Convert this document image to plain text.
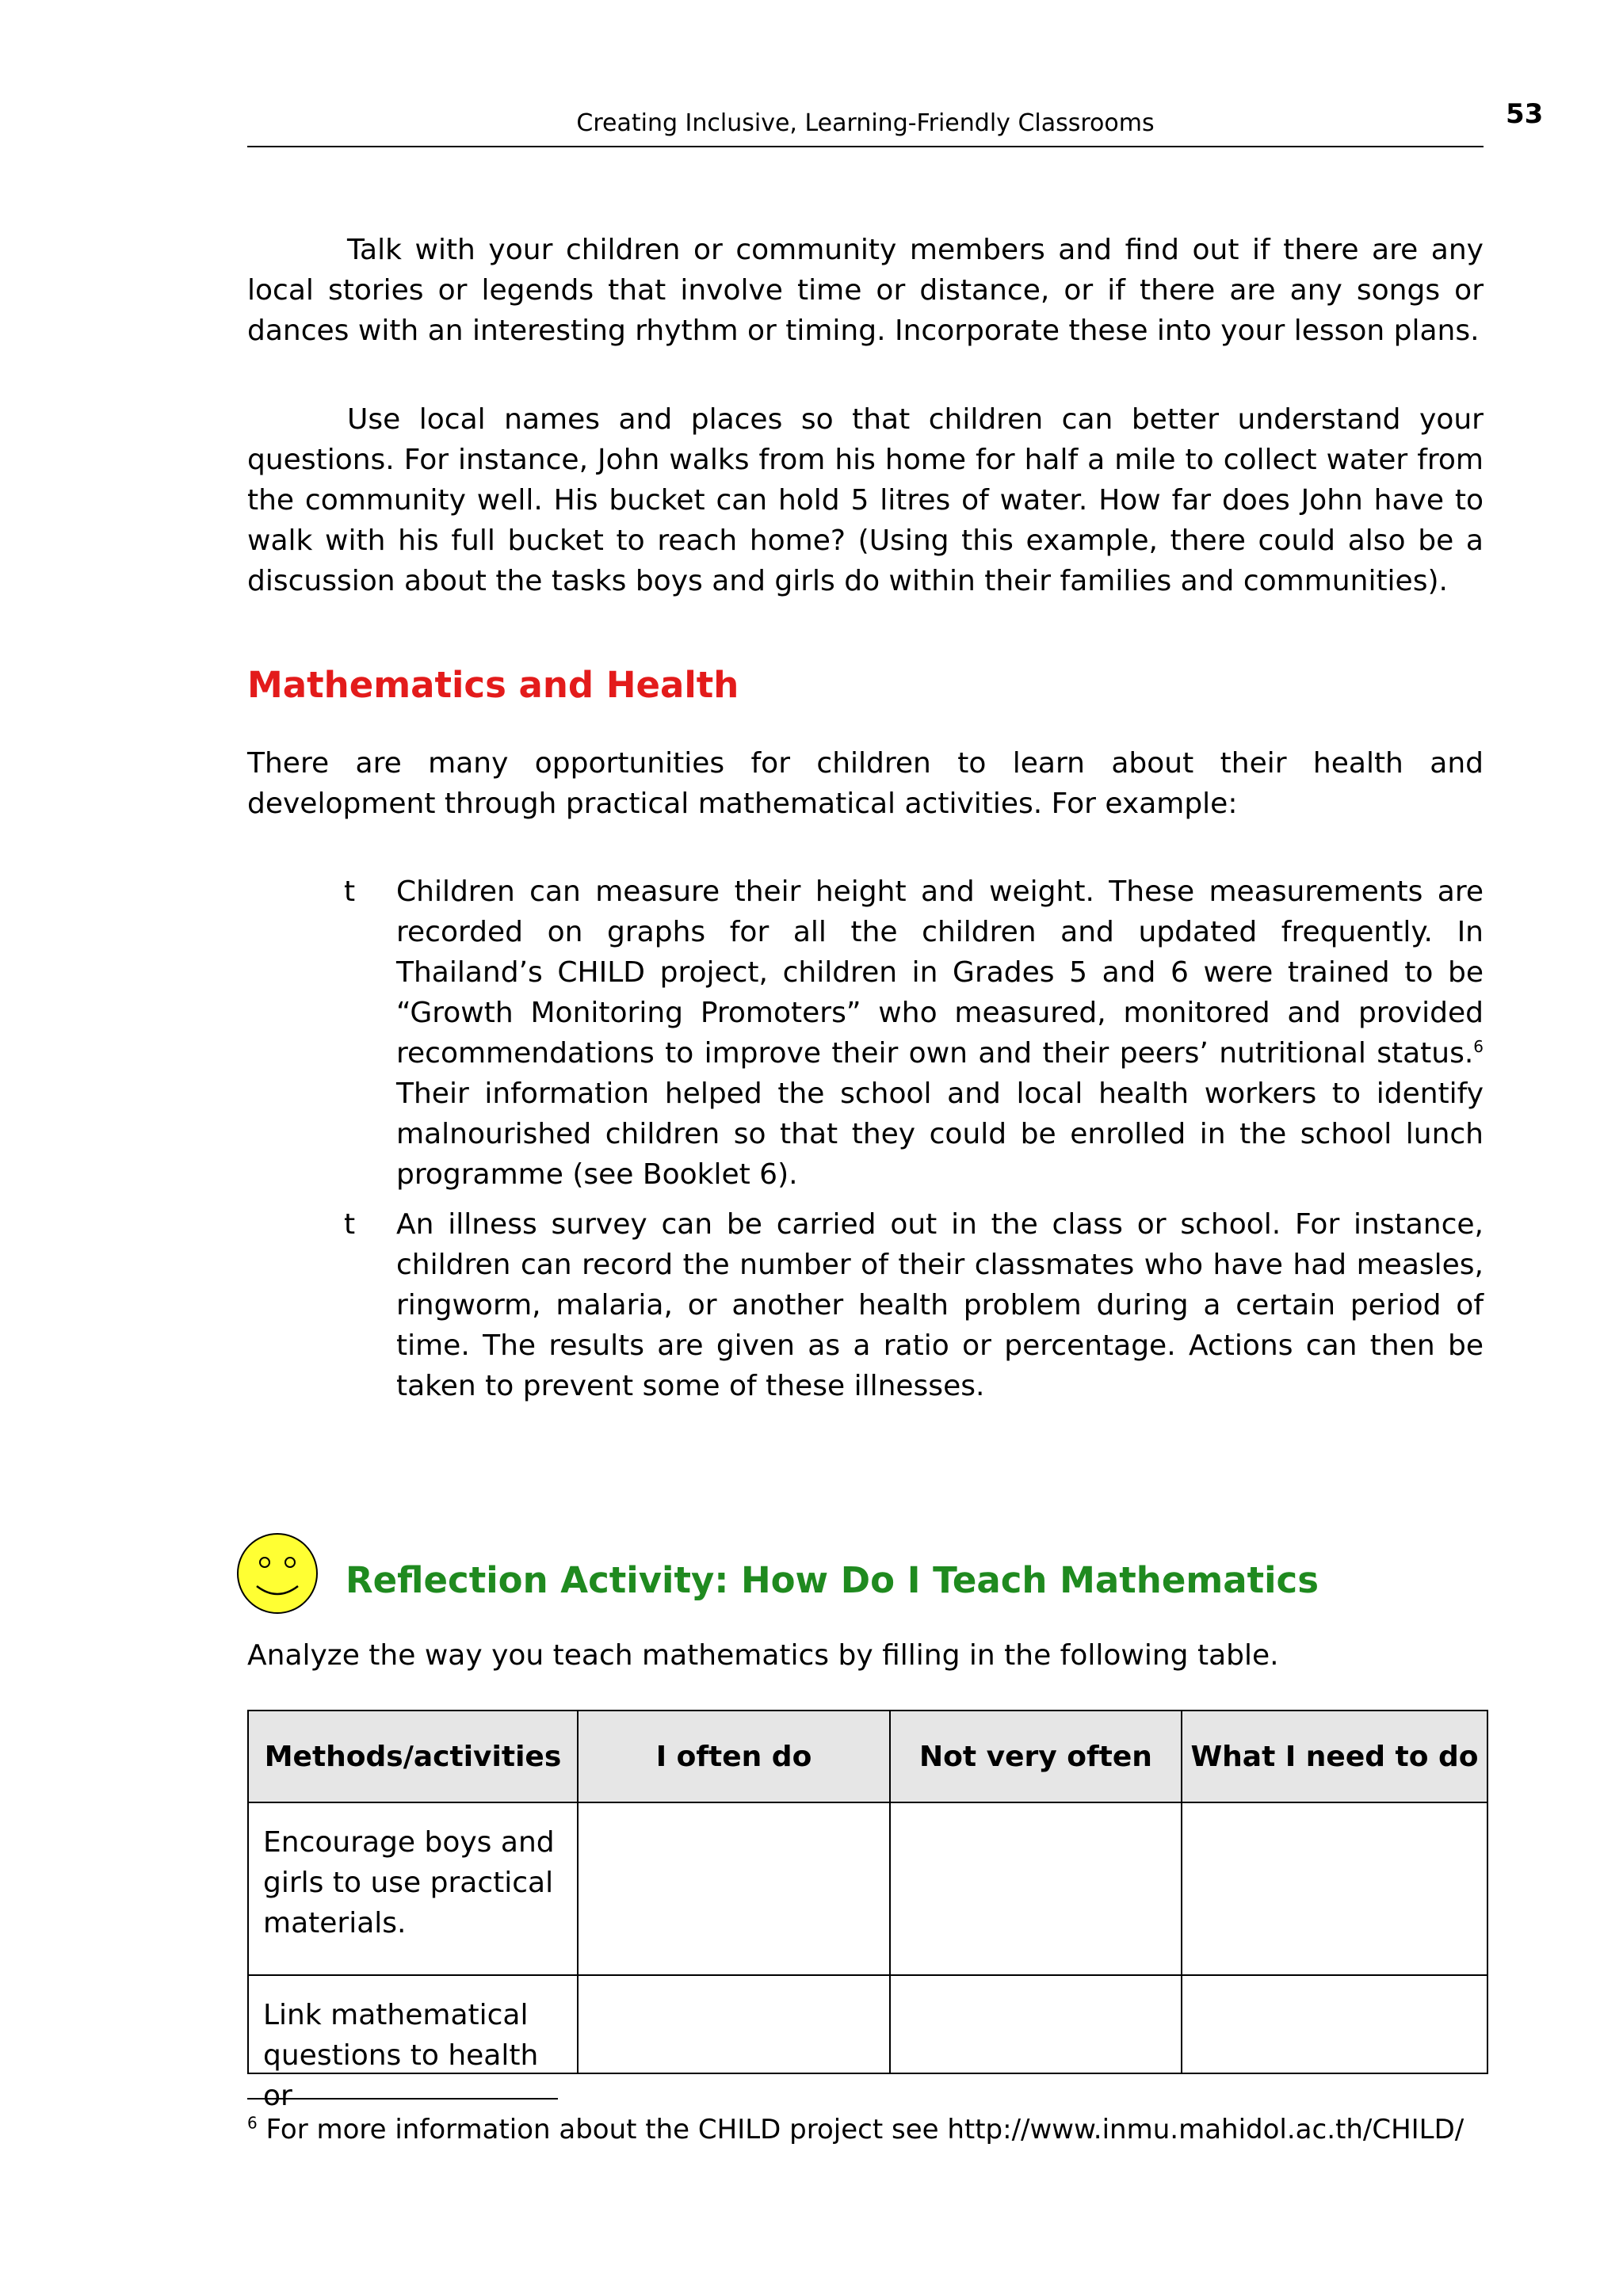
Creating Inclusive, Learning-Friendly Classrooms	53

Talk with your children or community members and find out if there are any local stories or legends that involve time or distance, or if there are any songs or dances with an interesting rhythm or timing. Incorporate these into your lesson plans.

Use local names and places so that children can better understand your questions. For instance, John walks from his home for half a mile to collect water from the community well. His bucket can hold 5 litres of water. How far does John have to walk with his full bucket to reach home? (Using this example, there could also be a discussion about the tasks boys and girls do within their families and communities).

Mathematics and Health

There are many opportunities for children to learn about their health and development through practical mathematical activities. For example:

t Children can measure their height and weight. These measurements are recorded on graphs for all the children and updated frequently. In Thailand’s CHILD project, children in Grades 5 and 6 were trained to be “Growth Monitoring Promoters” who measured, monitored and provided recommendations to improve their own and their peers’ nutritional status.$^6$ Their information helped the school and local health workers to identify malnourished children so that they could be enrolled in the school lunch programme (see Booklet 6).

t An illness survey can be carried out in the class or school. For instance, children can record the number of their classmates who have had measles, ringworm, malaria, or another health problem during a certain period of time. The results are given as a ratio or percentage. Actions can then be taken to prevent some of these illnesses.

Reflection Activity: How Do I Teach Mathematics

Analyze the way you teach mathematics by filling in the following table.

Methods/activities	I often do	Not very often	What I need to do

Encourage boys and girls to use practical materials.			

Link mathematical questions to health or			

$^6$ For more information about the CHILD project see http://www.inmu.mahidol.ac.th/CHILD/
